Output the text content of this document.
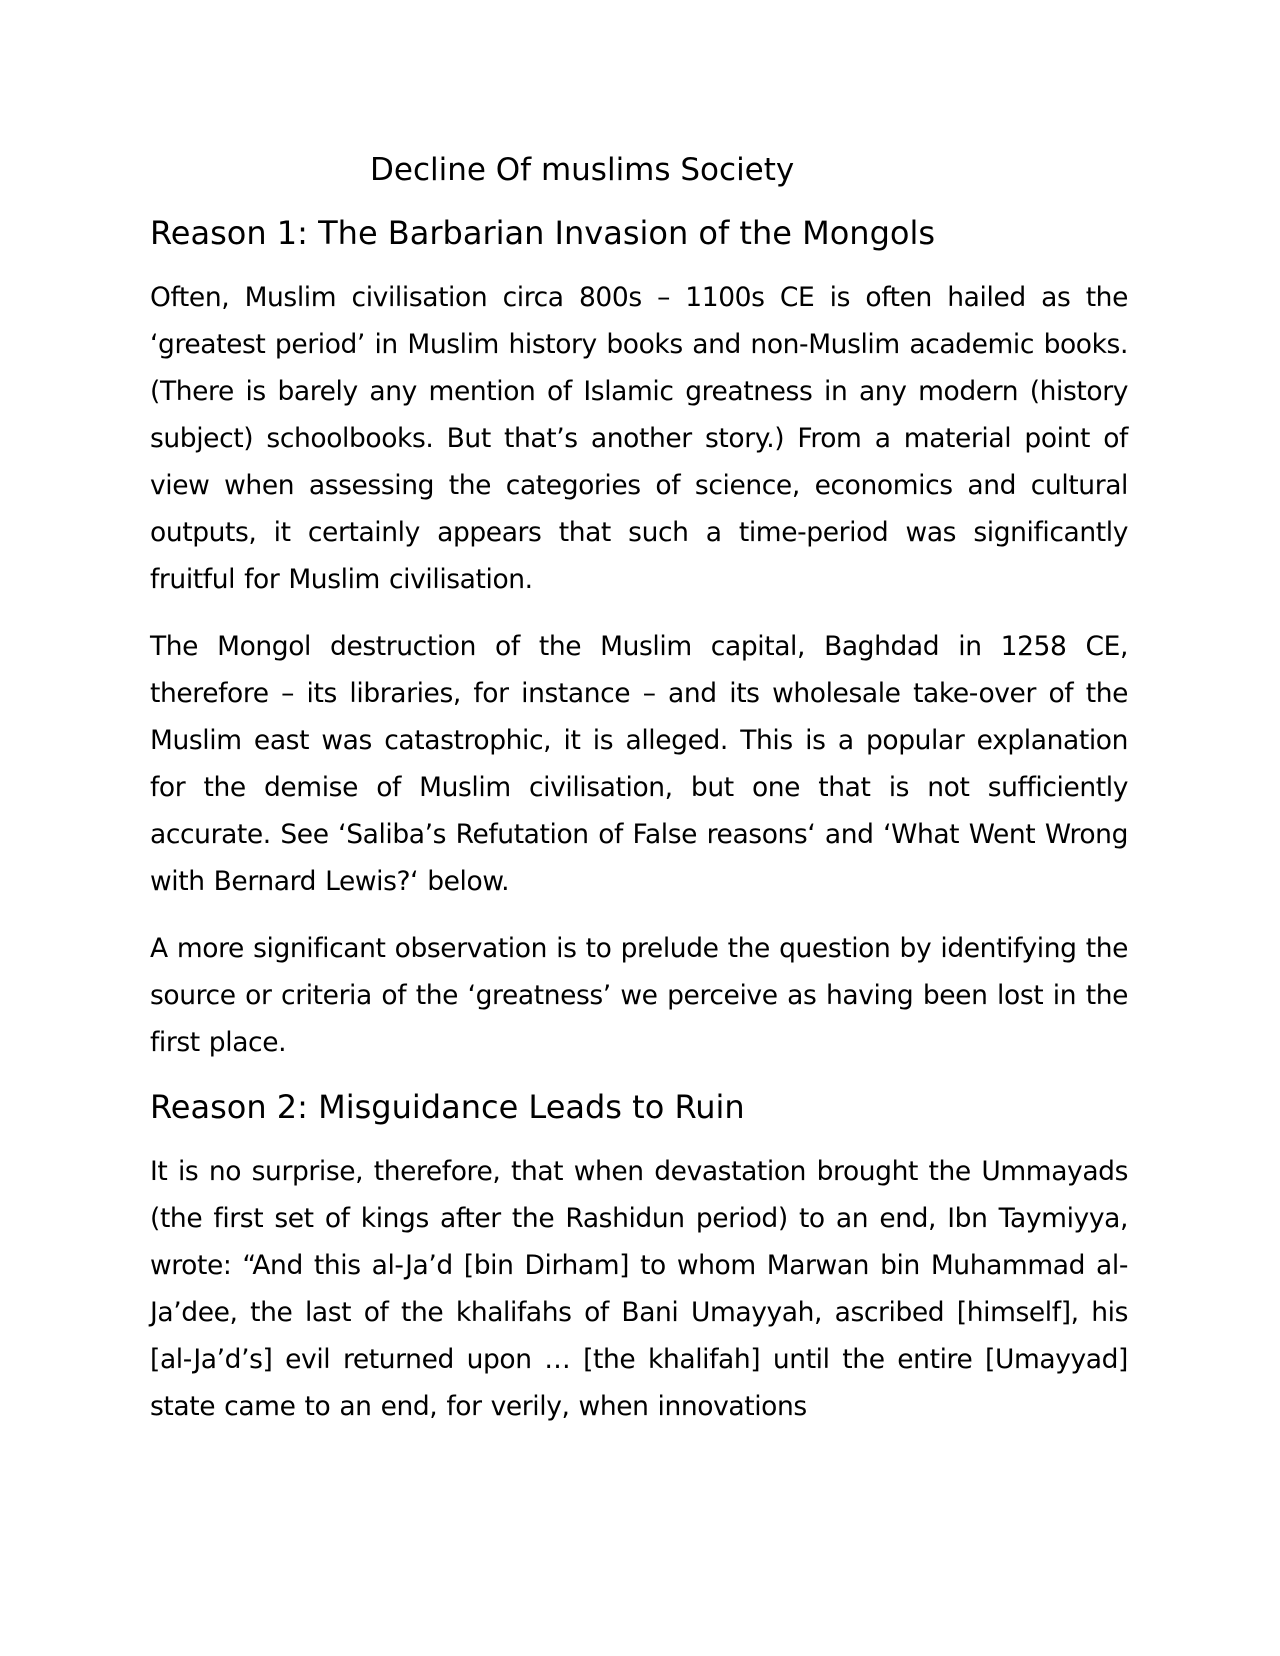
Decline Of muslims Society
Reason 1: The Barbarian Invasion of the Mongols

Often, Muslim civilisation circa 800s – 1100s CE is often hailed as the ‘greatest period’ in Muslim history books and non-Muslim academic books. (There is barely any mention of Islamic greatness in any modern (history subject) schoolbooks. But that’s another story.) From a material point of view when assessing the categories of science, economics and cultural outputs, it certainly appears that such a time-period was significantly fruitful for Muslim civilisation.

The Mongol destruction of the Muslim capital, Baghdad in 1258 CE, therefore – its libraries, for instance – and its wholesale take-over of the Muslim east was catastrophic, it is alleged. This is a popular explanation for the demise of Muslim civilisation, but one that is not sufficiently accurate. See ‘Saliba’s Refutation of False reasons‘ and ‘What Went Wrong with Bernard Lewis?‘ below.

A more significant observation is to prelude the question by identifying the source or criteria of the ‘greatness’ we perceive as having been lost in the first place.

Reason 2: Misguidance Leads to Ruin

It is no surprise, therefore, that when devastation brought the Ummayads (the first set of kings after the Rashidun period) to an end, Ibn Taymiyya, wrote: “And this al-Ja’d [bin Dirham] to whom Marwan bin Muhammad al-Ja’dee, the last of the khalifahs of Bani Umayyah, ascribed [himself], his [al-Ja’d’s] evil returned upon … [the khalifah] until the entire [Umayyad] state came to an end, for verily, when innovations
